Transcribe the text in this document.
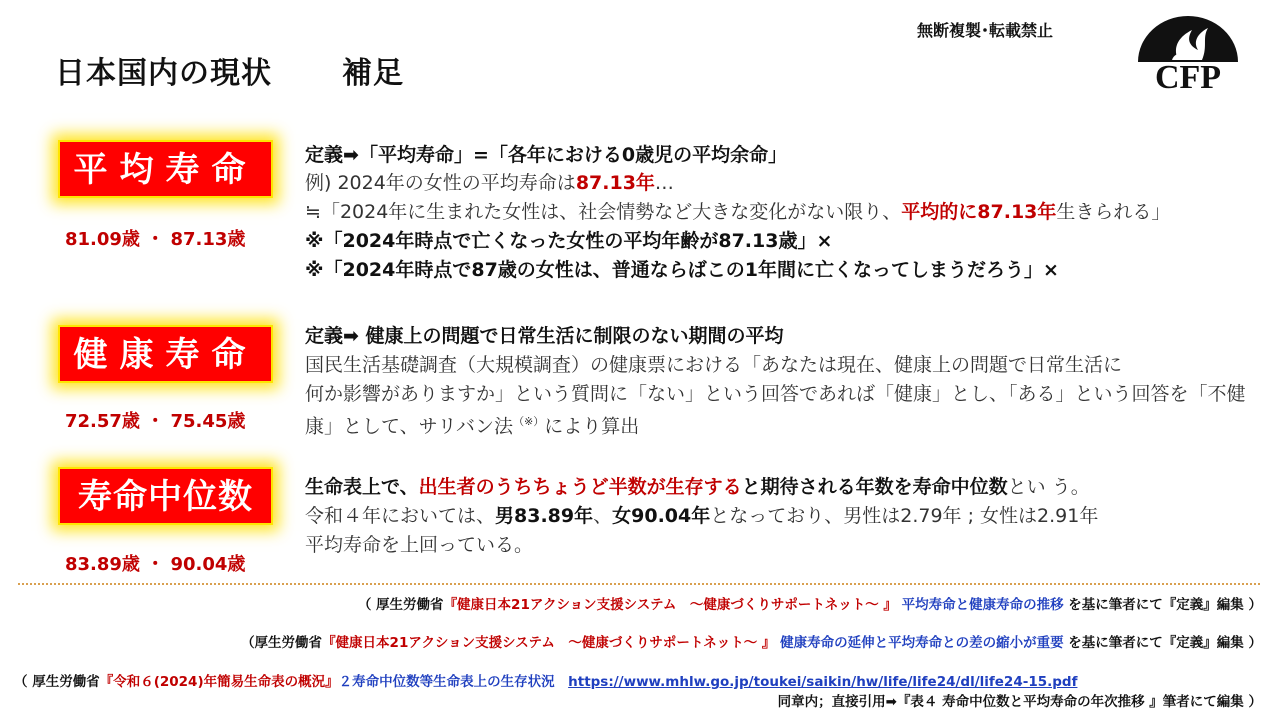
日本国内の現状 補足
無断複製･転載禁止
CFP
平均寿命
81.09歳 ・ 87.13歳
定義➡「平均寿命」=「各年における0歳児の平均余命」
例) 2024年の女性の平均寿命は87.13年…
≒「2024年に生まれた女性は、社会情勢など大きな変化がない限り、平均的に87.13年生きられる」
※「2024年時点で亡くなった女性の平均年齢が87.13歳」×
※「2024年時点で87歳の女性は、普通ならばこの1年間に亡くなってしまうだろう」×
健康寿命
72.57歳 ・ 75.45歳
定義➡ 健康上の問題で日常生活に制限のない期間の平均
国民生活基礎調査（大規模調査）の健康票における「あなたは現在、健康上の問題で日常生活に
何か影響がありますか」という質問に「ない」という回答であれば「健康」とし、「ある」という回答を「不健
康」として、サリバン法（※）により算出
寿命中位数
83.89歳 ・ 90.04歳
生命表上で、出生者のうちちょうど半数が生存すると期待される年数を寿命中位数とい う。
令和４年においては、男83.89年、女90.04年となっており、男性は2.79年 ; 女性は2.91年
平均寿命を上回っている。
（ 厚生労働省『健康日本21アクション支援システム　～健康づくりサポートネット～ 』 平均寿命と健康寿命の推移 を基に筆者にて『定義』編集 ）
（厚生労働省『健康日本21アクション支援システム　～健康づくりサポートネット～ 』 健康寿命の延伸と平均寿命との差の縮小が重要 を基に筆者にて『定義』編集 ）
（ 厚生労働省『令和６(2024)年簡易生命表の概況』２寿命中位数等生命表上の生存状況　https://www.mhlw.go.jp/toukei/saikin/hw/life/life24/dl/life24-15.pdf
同章内；直接引用➡『表４ 寿命中位数と平均寿命の年次推移 』筆者にて編集 ）
